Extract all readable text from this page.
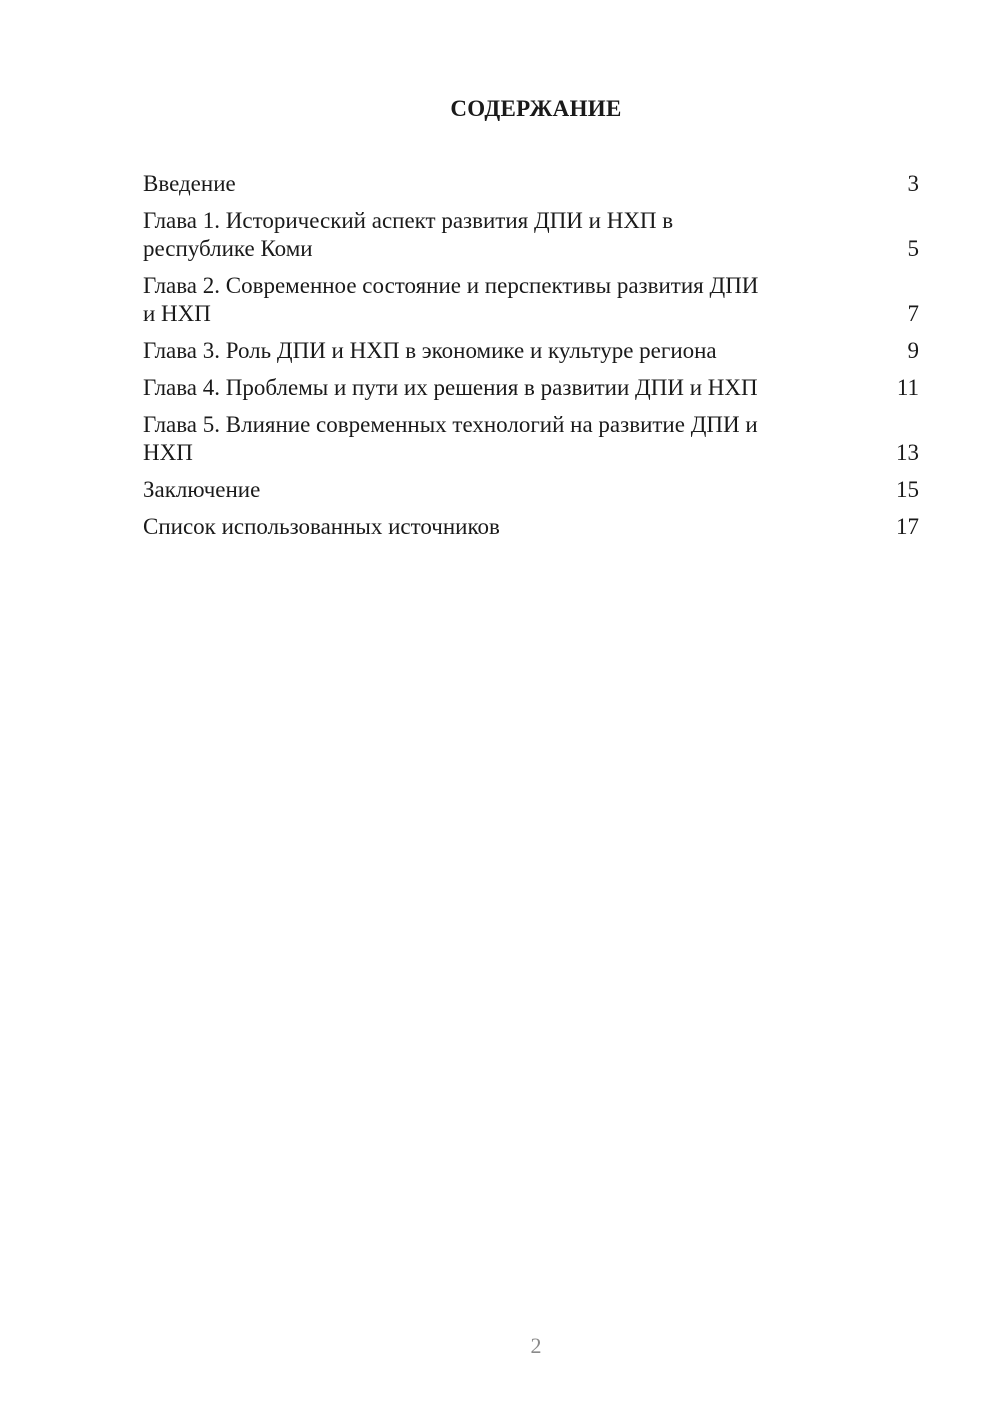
СОДЕРЖАНИЕ
Введение	3
Глава 1. Исторический аспект развития ДПИ и НХП в
республике Коми	5
Глава 2. Современное состояние и перспективы развития ДПИ
и НХП	7
Глава 3. Роль ДПИ и НХП в экономике и культуре региона	9
Глава 4. Проблемы и пути их решения в развитии ДПИ и НХП	11
Глава 5. Влияние современных технологий на развитие ДПИ и
НХП	13
Заключение	15
Список использованных источников	17
2
